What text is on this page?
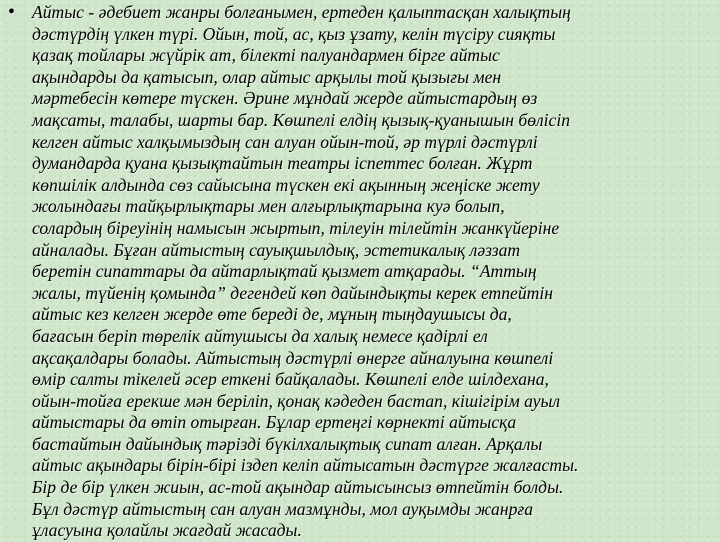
• Айтыс - әдебиет жанры болғанымен, ертеден қалыптасқан халықтың
дәстүрдің үлкен түрі. Ойын, той, ас, қыз ұзату, келін түсіру сияқты
қазақ тойлары жүйрік ат, білекті палуандармен бірге айтыс
ақындарды да қатысып, олар айтыс арқылы той қызығы мен
мәртебесін көтере түскен. Әрине мұндай жерде айтыстардың өз
мақсаты, талабы, шарты бар. Көшпелі елдің қызық-қуанышын бөлісіп
келген айтыс халқымыздың сан алуан ойын-той, әр түрлі дәстүрлі
думандарда қуана қызықтайтын театры іспеттес болған. Жұрт
көпшілік алдында сөз сайысына түскен екі ақынның жеңіске жету
жолындағы тайқырлықтары мен алғырлықтарына куә болып,
солардың біреуінің намысын жыртып, тілеуін тілейтін жанкүйеріне
айналады. Бұған айтыстың сауықшылдық, эстетикалық ләззат
беретін сипаттары да айтарлықтай қызмет атқарады. “Аттың
жалы, түйенің қомында” дегендей көп дайындықты керек етпейтін
айтыс кез келген жерде өте береді де, мұның тыңдаушысы да,
бағасын беріп төрелік айтушысы да халық немесе қадірлі ел
ақсақалдары болады. Айтыстың дәстүрлі өнерге айналуына көшпелі
өмір салты тікелей әсер еткені байқалады. Көшпелі елде шілдехана,
ойын-тойға ерекше мән беріліп, қонақ кәдеден бастап, кішігірім ауыл
айтыстары да өтіп отырған. Бұлар ертеңгі көрнекті айтысқа
бастайтын дайындық тәрізді бүкілхалықтық сипат алған. Арқалы
айтыс ақындары бірін-бірі іздеп келіп айтысатын дәстүрге жалғасты.
Бір де бір үлкен жиын, ас-той ақындар айтысынсыз өтпейтін болды.
Бұл дәстүр айтыстың сан алуан мазмұнды, мол ауқымды жанрға
ұласуына қолайлы жағдай жасады.
